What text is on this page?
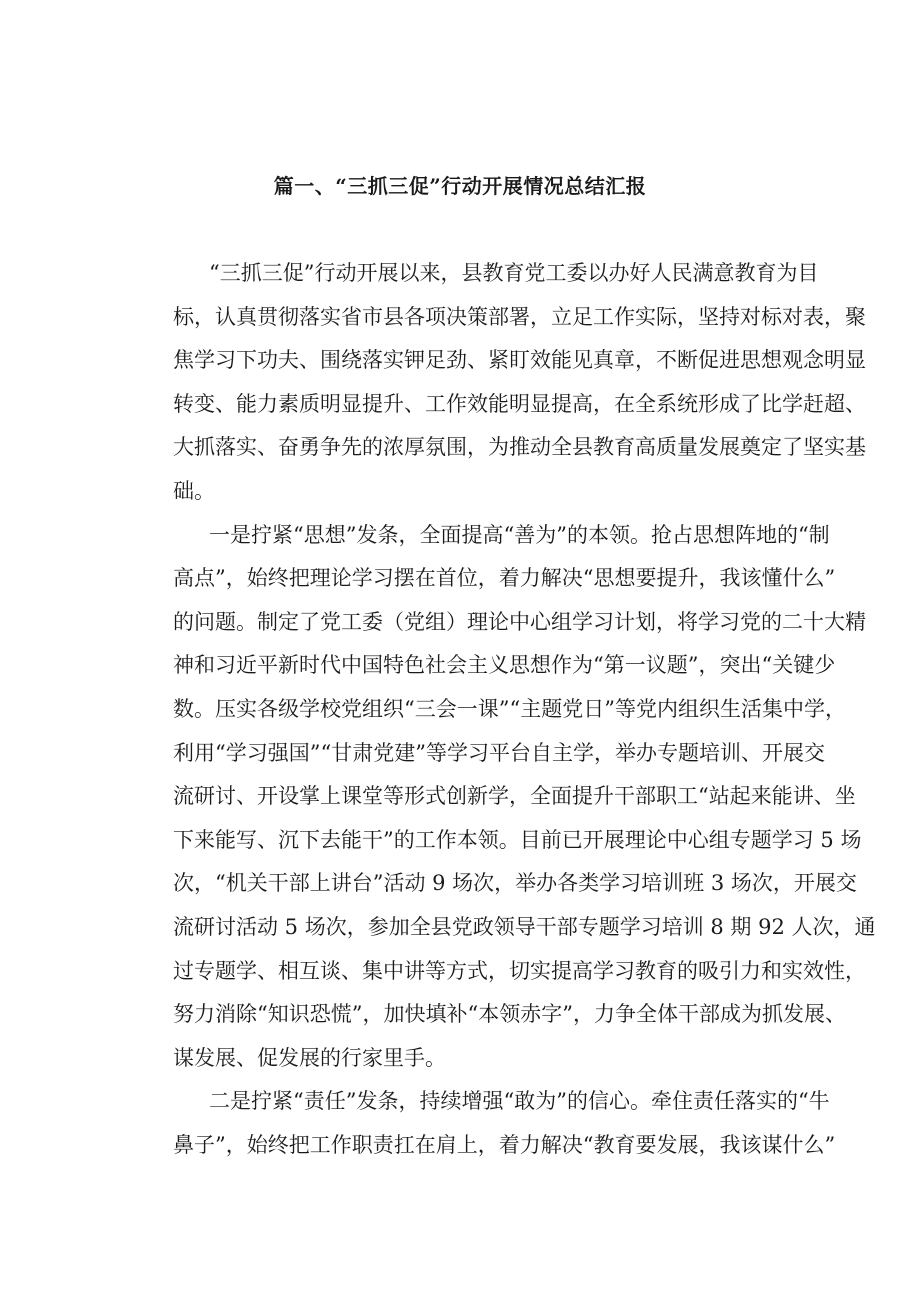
篇一、“三抓三促”行动开展情况总结汇报
“三抓三促”行动开展以来，县教育党工委以办好人民满意教育为目
标，认真贯彻落实省市县各项决策部署，立足工作实际，坚持对标对表，聚
焦学习下功夫、围绕落实钾足劲、紧盯效能见真章，不断促进思想观念明显
转变、能力素质明显提升、工作效能明显提高，在全系统形成了比学赶超、
大抓落实、奋勇争先的浓厚氛围，为推动全县教育高质量发展奠定了坚实基
础。
一是拧紧“思想”发条，全面提高“善为”的本领。抢占思想阵地的“制
高点”，始终把理论学习摆在首位，着力解决“思想要提升，我该懂什么”
的问题。制定了党工委（党组）理论中心组学习计划，将学习党的二十大精
神和习近平新时代中国特色社会主义思想作为“第一议题”，突出“关键少
数。压实各级学校党组织“三会一课”“主题党日”等党内组织生活集中学，
利用“学习强国”“甘肃党建”等学习平台自主学，举办专题培训、开展交
流研讨、开设掌上课堂等形式创新学，全面提升干部职工“站起来能讲、坐
下来能写、沉下去能干”的工作本领。目前已开展理论中心组专题学习 5 场
次，“机关干部上讲台”活动 9 场次，举办各类学习培训班 3 场次，开展交
流研讨活动 5 场次，参加全县党政领导干部专题学习培训 8 期 92 人次，通
过专题学、相互谈、集中讲等方式，切实提高学习教育的吸引力和实效性，
努力消除“知识恐慌”，加快填补“本领赤字”，力争全体干部成为抓发展、
谋发展、促发展的行家里手。
二是拧紧“责任”发条，持续增强“敢为”的信心。牵住责任落实的“牛
鼻子”，始终把工作职责扛在肩上，着力解决“教育要发展，我该谋什么”
